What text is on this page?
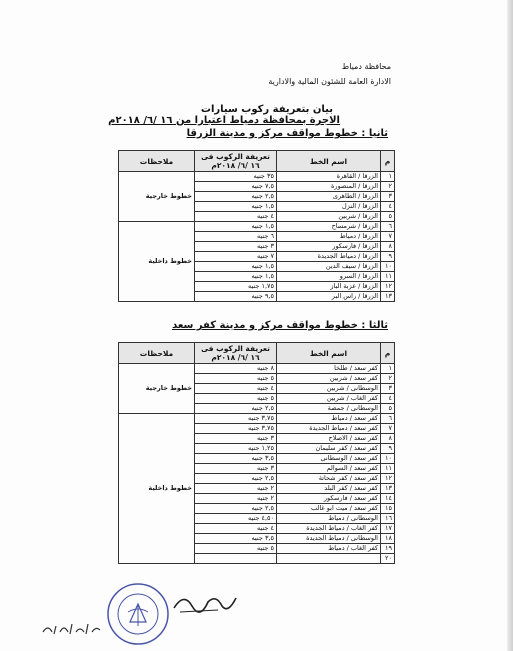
محافظة دمياط
الادارة العامة للشئون المالية والادارية
بيان بتعريفة ركوب سيارات
الاجرة بمحافظة دمياط اعتبارا من ١٦ /٦/ ٢٠١٨م
ثانيا : خطوط مواقف مركز و مدينة الزرقا
م	اسم الخط	تعريفة الركوب فى ١٦ /٦/ ٢٠١٨م	ملاحظات
١	الزرقا / القاهرة	٣٥ جنيه	خطوط خارجية
٢	الزرقا / المنصورة	٧,٥ جنيه	
٣	الزرقا / الطاهرى	٢,٥ جنيه	
٤	الزرقا / النزل	١,٥ جنيه	
٥	الزرقا / شربين	٤ جنيه	
٦	الزرقا / شرمساح	١,٥ جنيه	خطوط داخلية
٧	الزرقا / دمياط	٦ جنيه	
٨	الزرقا / فارسكور	٣ جنيه	
٩	الزرقا / دمياط الجديدة	٧ جنيه	
١٠	الزرقا / سيف الدين	١,٥ جنيه	
١١	الزرقا / السرو	١,٥ جنيه	
١٢	الزرقا / عزبة الباز	١,٧٥ جنيه	
١٣	الزرقا / راس البر	٩,٥ جنيه	
ثالثا : خطوط مواقف مركز و مدينة كفر سعد
م	اسم الخط	تعريفة الركوب فى ١٦ /٦/ ٢٠١٨م	ملاحظات
١	كفر سعد / طلخا	٨ جنيه	خطوط خارجية
٢	كفر سعد / شربين	٥ جنيه	
٣	الوسطانى / شربين	٤ جنيه	
٤	كفر الغاب / شربين	٥ جنيه	
٥	الوسطانى / جمصة	٢,٥ جنيه	
٦	كفر سعد / دمياط	٣,٧٥ جنيه	خطوط داخلية
٧	كفر سعد / دمياط الجديدة	٣,٧٥ جنيه	
٨	كفر سعد / الاصلاح	٣ جنيه	
٩	كفر سعد / كفر سليمان	١,٢٥ جنيه	
١٠	كفر سعد / الوسطانى	٣,٥ جنيه	
١١	كفر سعد / السوالم	٣ جنيه	
١٢	كفر سعد / كفر شحاتة	٢,٥ جنيه	
١٣	كفر سعد / كفر البلد	٢ جنيه	
١٤	كفر سعد / فارسكور	٢ جنيه	
١٥	كفر سعد / ميت ابو غالب	٢,٥ جنيه	
١٦	الوسطانى / دمياط	٤,٥٠ جنيه	
١٧	كفر الغاب / دمياط الجديدة	٤ جنيه	
١٨	الوسطانى / دمياط الجديدة	٣,٥ جنيه	
١٩	كفر الغاب / دمياط	٥ جنيه	
٢٠			
